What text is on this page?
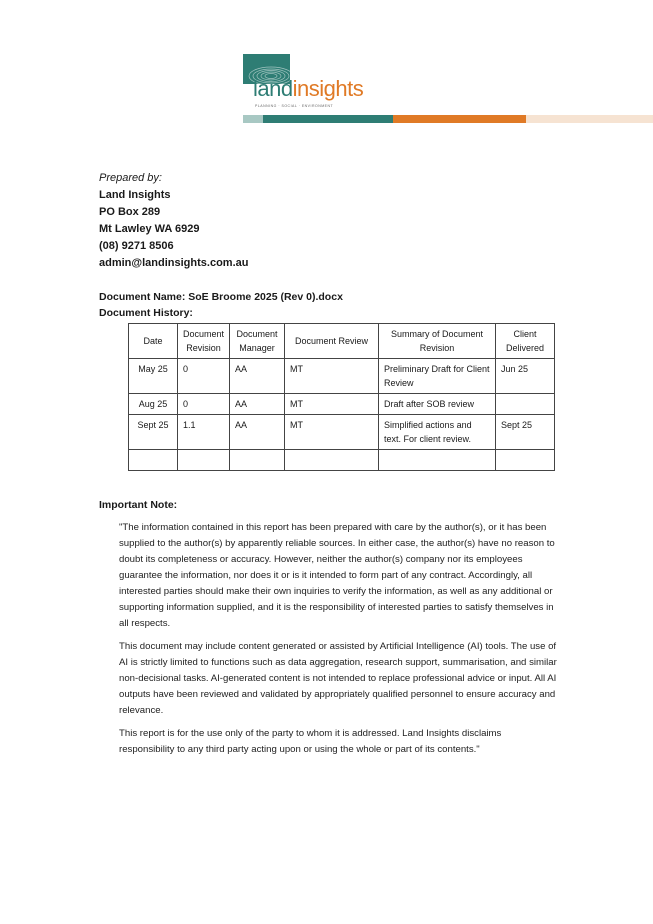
landinsights
PLANNING · SOCIAL · ENVIRONMENT
Prepared by:
Land Insights
PO Box 289
Mt Lawley WA 6929
(08) 9271 8506
admin@landinsights.com.au
Document Name: SoE Broome 2025 (Rev 0).docx
Document History:
Date	Document Revision	Document Manager	Document Review	Summary of Document Revision	Client Delivered
May 25	0	AA	MT	Preliminary Draft for Client Review	Jun 25
Aug 25	0	AA	MT	Draft after SOB review	
Sept 25	1.1	AA	MT	Simplified actions and text. For client review.	Sept 25

Important Note:
"The information contained in this report has been prepared with care by the author(s), or it has been supplied to the author(s) by apparently reliable sources. In either case, the author(s) have no reason to doubt its completeness or accuracy. However, neither the author(s) company nor its employees guarantee the information, nor does it or is it intended to form part of any contract. Accordingly, all interested parties should make their own inquiries to verify the information, as well as any additional or supporting information supplied, and it is the responsibility of interested parties to satisfy themselves in all respects.
This document may include content generated or assisted by Artificial Intelligence (AI) tools. The use of AI is strictly limited to functions such as data aggregation, research support, summarisation, and similar non-decisional tasks. AI-generated content is not intended to replace professional advice or input. All AI outputs have been reviewed and validated by appropriately qualified personnel to ensure accuracy and relevance.
This report is for the use only of the party to whom it is addressed. Land Insights disclaims responsibility to any third party acting upon or using the whole or part of its contents."
